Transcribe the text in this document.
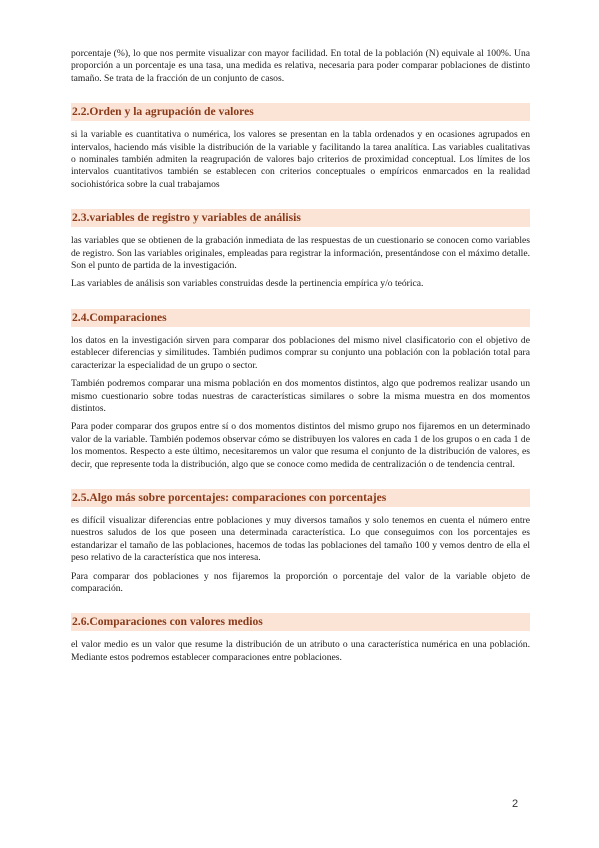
porcentaje (%), lo que nos permite visualizar con mayor facilidad. En total de la población (N) equivale al 100%. Una proporción a un porcentaje es una tasa, una medida es relativa, necesaria para poder comparar poblaciones de distinto tamaño. Se trata de la fracción de un conjunto de casos.

2.2.Orden y la agrupación de valores

si la variable es cuantitativa o numérica, los valores se presentan en la tabla ordenados y en ocasiones agrupados en intervalos, haciendo más visible la distribución de la variable y facilitando la tarea analítica. Las variables cualitativas o nominales también admiten la reagrupación de valores bajo criterios de proximidad conceptual. Los límites de los intervalos cuantitativos también se establecen con criterios conceptuales o empíricos enmarcados en la realidad sociohistórica sobre la cual trabajamos

2.3.variables de registro y variables de análisis

las variables que se obtienen de la grabación inmediata de las respuestas de un cuestionario se conocen como variables de registro. Son las variables originales, empleadas para registrar la información, presentándose con el máximo detalle. Son el punto de partida de la investigación.

Las variables de análisis son variables construidas desde la pertinencia empírica y/o teórica.

2.4.Comparaciones

los datos en la investigación sirven para comparar dos poblaciones del mismo nivel clasificatorio con el objetivo de establecer diferencias y similitudes. También pudimos comprar su conjunto una población con la población total para caracterizar la especialidad de un grupo o sector.

También podremos comparar una misma población en dos momentos distintos, algo que podremos realizar usando un mismo cuestionario sobre todas nuestras de características similares o sobre la misma muestra en dos momentos distintos.

Para poder comparar dos grupos entre sí o dos momentos distintos del mismo grupo nos fijaremos en un determinado valor de la variable. También podemos observar cómo se distribuyen los valores en cada 1 de los grupos o en cada 1 de los momentos. Respecto a este último, necesitaremos un valor que resuma el conjunto de la distribución de valores, es decir, que represente toda la distribución, algo que se conoce como medida de centralización o de tendencia central.

2.5.Algo más sobre porcentajes: comparaciones con porcentajes

es difícil visualizar diferencias entre poblaciones y muy diversos tamaños y solo tenemos en cuenta el número entre nuestros saludos de los que poseen una determinada característica. Lo que conseguimos con los porcentajes es estandarizar el tamaño de las poblaciones, hacemos de todas las poblaciones del tamaño 100 y vemos dentro de ella el peso relativo de la característica que nos interesa.

Para comparar dos poblaciones y nos fijaremos la proporción o porcentaje del valor de la variable objeto de comparación.

2.6.Comparaciones con valores medios

el valor medio es un valor que resume la distribución de un atributo o una característica numérica en una población. Mediante estos podremos establecer comparaciones entre poblaciones.

2
